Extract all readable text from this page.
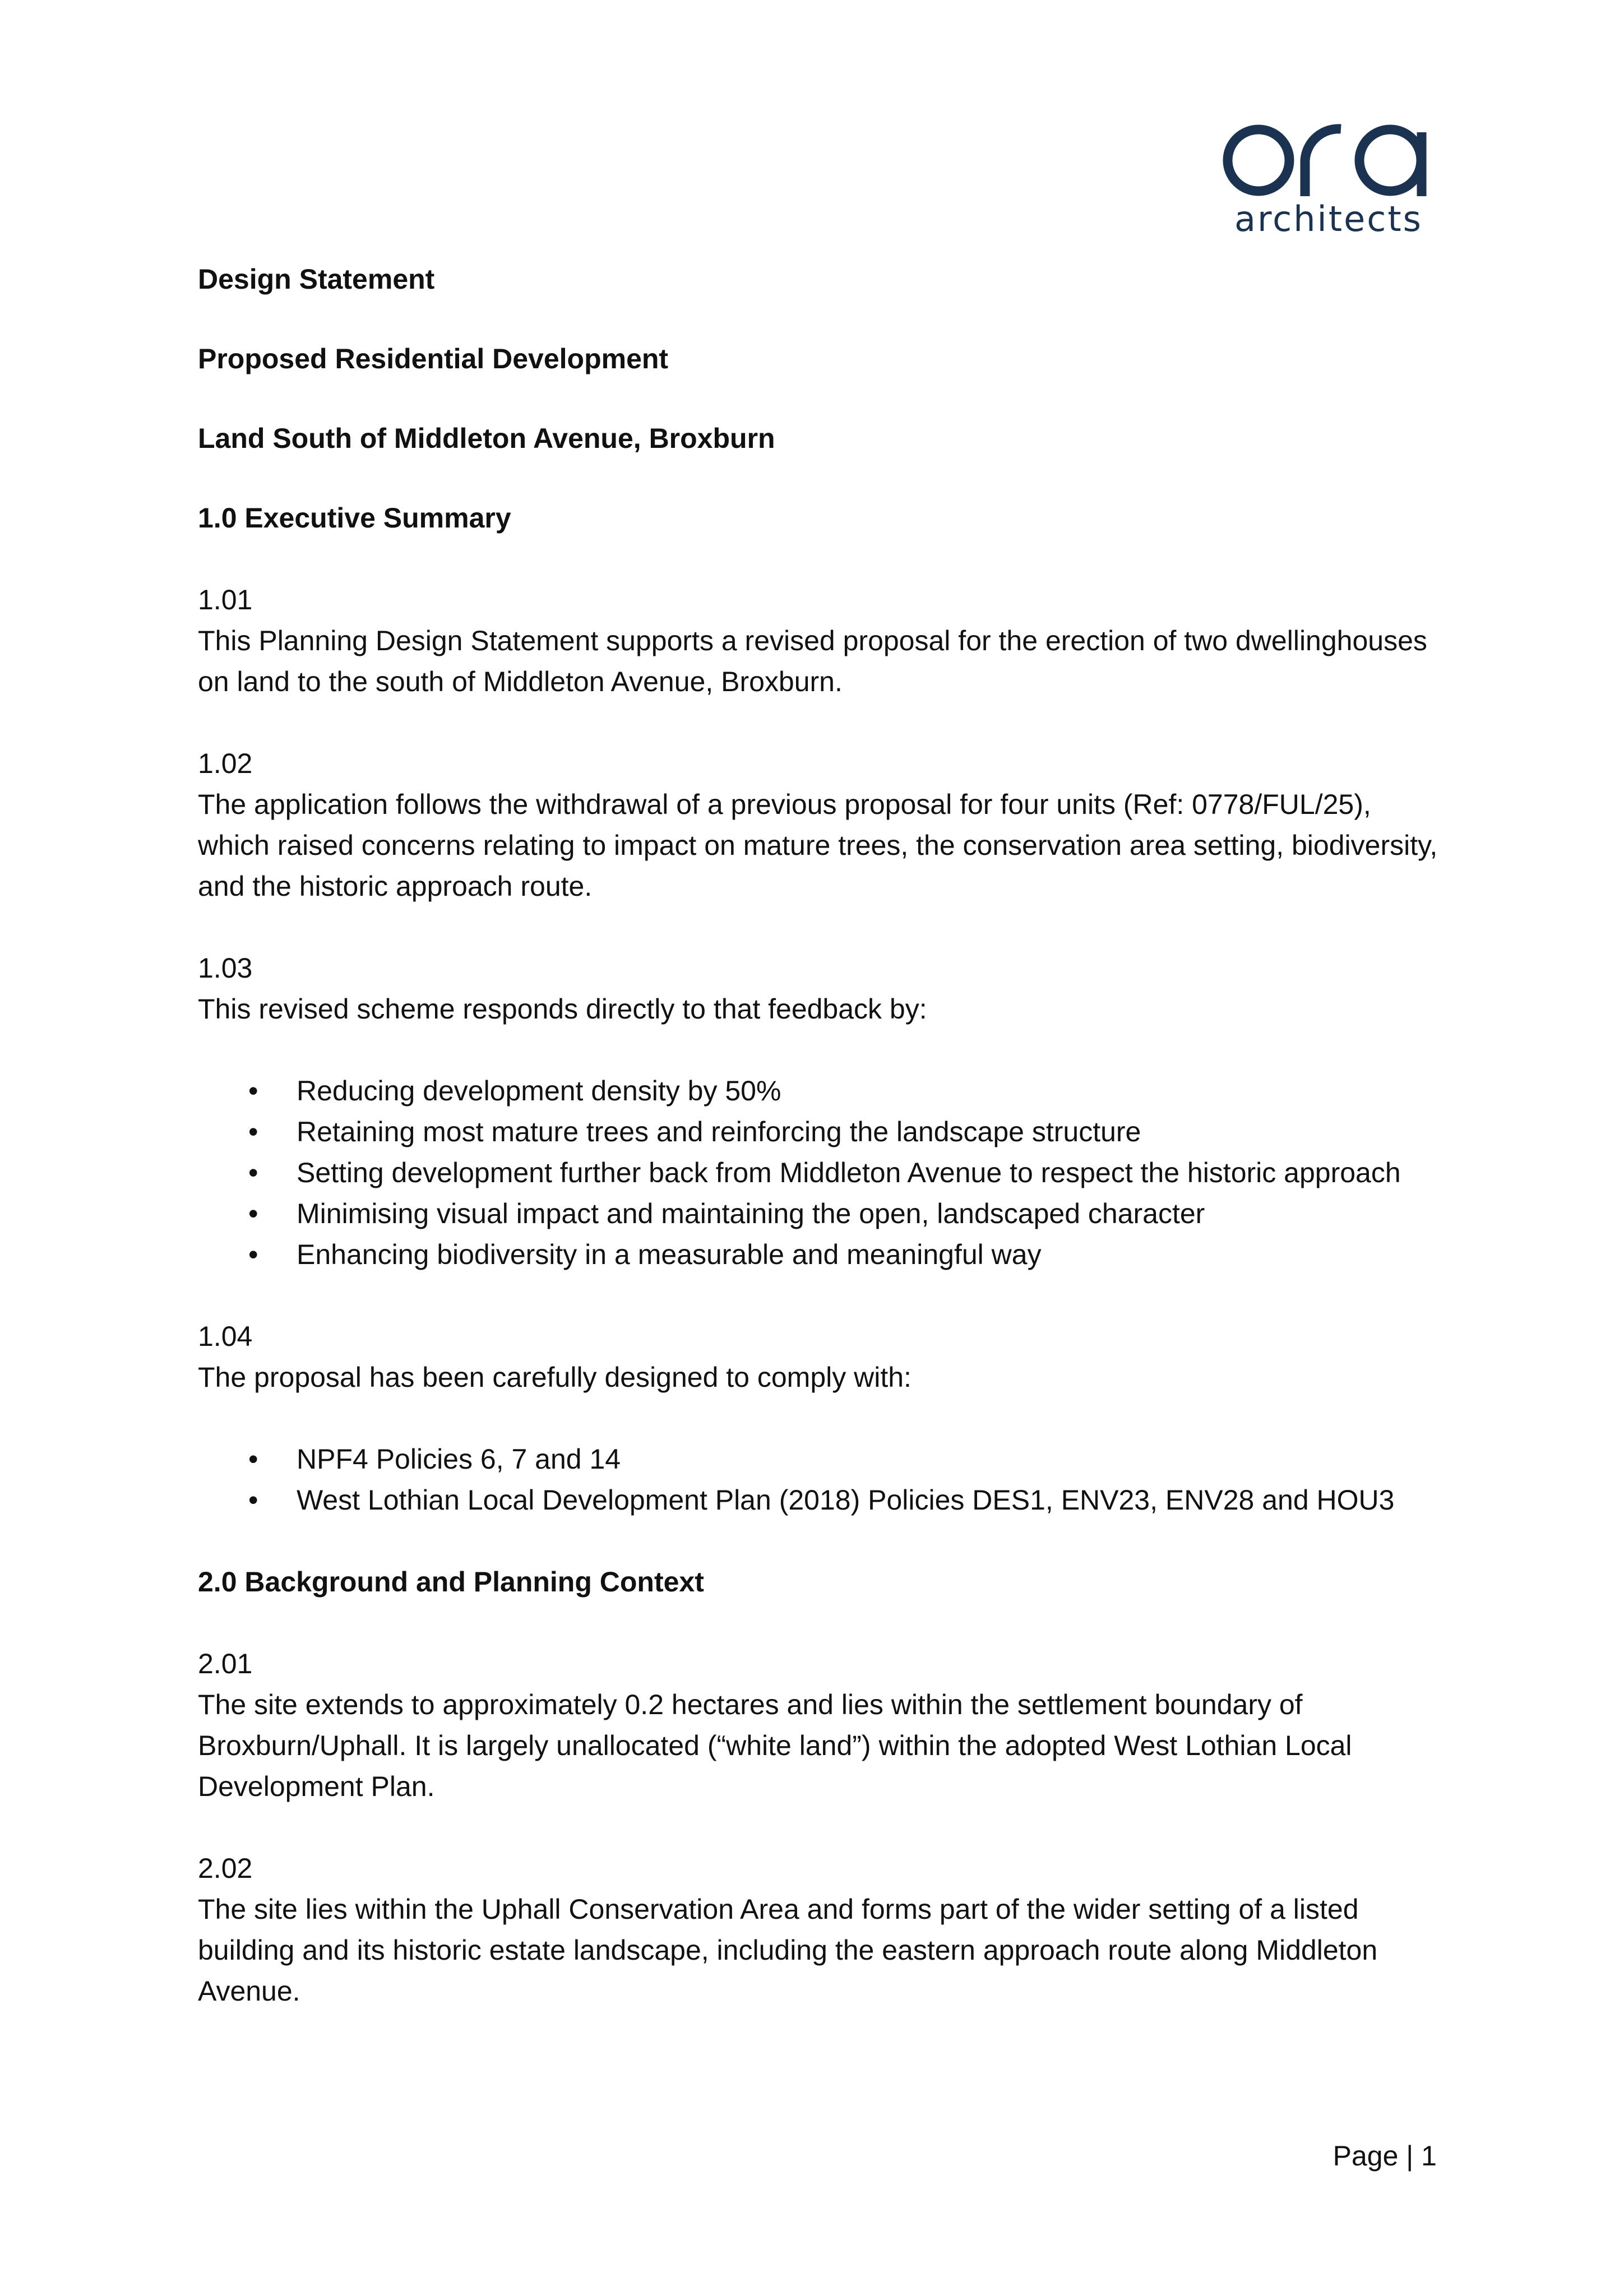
architects
Design Statement
Proposed Residential Development
Land South of Middleton Avenue, Broxburn
1.0 Executive Summary
1.01
This Planning Design Statement supports a revised proposal for the erection of two dwellinghouses on land to the south of Middleton Avenue, Broxburn.
1.02
The application follows the withdrawal of a previous proposal for four units (Ref: 0778/FUL/25), which raised concerns relating to impact on mature trees, the conservation area setting, biodiversity, and the historic approach route.
1.03
This revised scheme responds directly to that feedback by:
• Reducing development density by 50%
• Retaining most mature trees and reinforcing the landscape structure
• Setting development further back from Middleton Avenue to respect the historic approach
• Minimising visual impact and maintaining the open, landscaped character
• Enhancing biodiversity in a measurable and meaningful way
1.04
The proposal has been carefully designed to comply with:
• NPF4 Policies 6, 7 and 14
• West Lothian Local Development Plan (2018) Policies DES1, ENV23, ENV28 and HOU3
2.0 Background and Planning Context
2.01
The site extends to approximately 0.2 hectares and lies within the settlement boundary of Broxburn/Uphall. It is largely unallocated (“white land”) within the adopted West Lothian Local Development Plan.
2.02
The site lies within the Uphall Conservation Area and forms part of the wider setting of a listed building and its historic estate landscape, including the eastern approach route along Middleton Avenue.
Page | 1
